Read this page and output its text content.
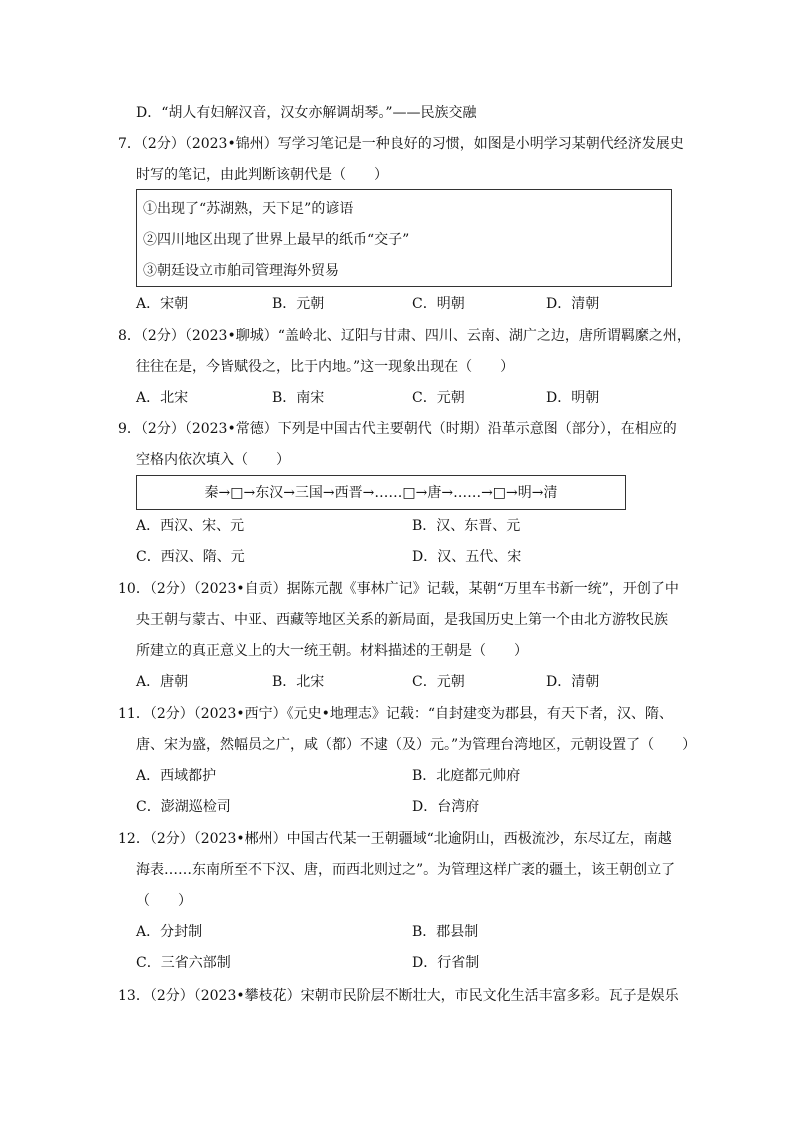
D．“胡人有妇解汉音，汉女亦解调胡琴。”——民族交融
7．（2分）（2023•锦州）写学习笔记是一种良好的习惯，如图是小明学习某朝代经济发展史
时写的笔记，由此判断该朝代是（　　）
①出现了“苏湖熟，天下足”的谚语
②四川地区出现了世界上最早的纸币“交子”
③朝廷设立市舶司管理海外贸易
A．宋朝	B．元朝	C．明朝	D．清朝
8．（2分）（2023•聊城）“盖岭北、辽阳与甘肃、四川、云南、湖广之边，唐所谓羁縻之州，
往往在是，今皆赋役之，比于内地。”这一现象出现在（　　）
A．北宋	B．南宋	C．元朝	D．明朝
9．（2分）（2023•常德）下列是中国古代主要朝代（时期）沿革示意图（部分），在相应的
空格内依次填入（　　）
秦→□→东汉→三国→西晋→……□→唐→……→□→明→清
A．西汉、宋、元	B．汉、东晋、元
C．西汉、隋、元	D．汉、五代、宋
10．（2分）（2023•自贡）据陈元靓《事林广记》记载，某朝“万里车书新一统”，开创了中
央王朝与蒙古、中亚、西藏等地区关系的新局面，是我国历史上第一个由北方游牧民族
所建立的真正意义上的大一统王朝。材料描述的王朝是（　　）
A．唐朝	B．北宋	C．元朝	D．清朝
11．（2分）（2023•西宁）《元史•地理志》记载：“自封建变为郡县，有天下者，汉、隋、
唐、宋为盛，然幅员之广，咸（都）不逮（及）元。”为管理台湾地区，元朝设置了（　　）
A．西域都护	B．北庭都元帅府
C．澎湖巡检司	D．台湾府
12．（2分）（2023•郴州）中国古代某一王朝疆域“北逾阴山，西极流沙，东尽辽左，南越
海表……东南所至不下汉、唐，而西北则过之”。为管理这样广袤的疆土，该王朝创立了
（　　）
A．分封制	B．郡县制
C．三省六部制	D．行省制
13．（2分）（2023•攀枝花）宋朝市民阶层不断壮大，市民文化生活丰富多彩。瓦子是娱乐
